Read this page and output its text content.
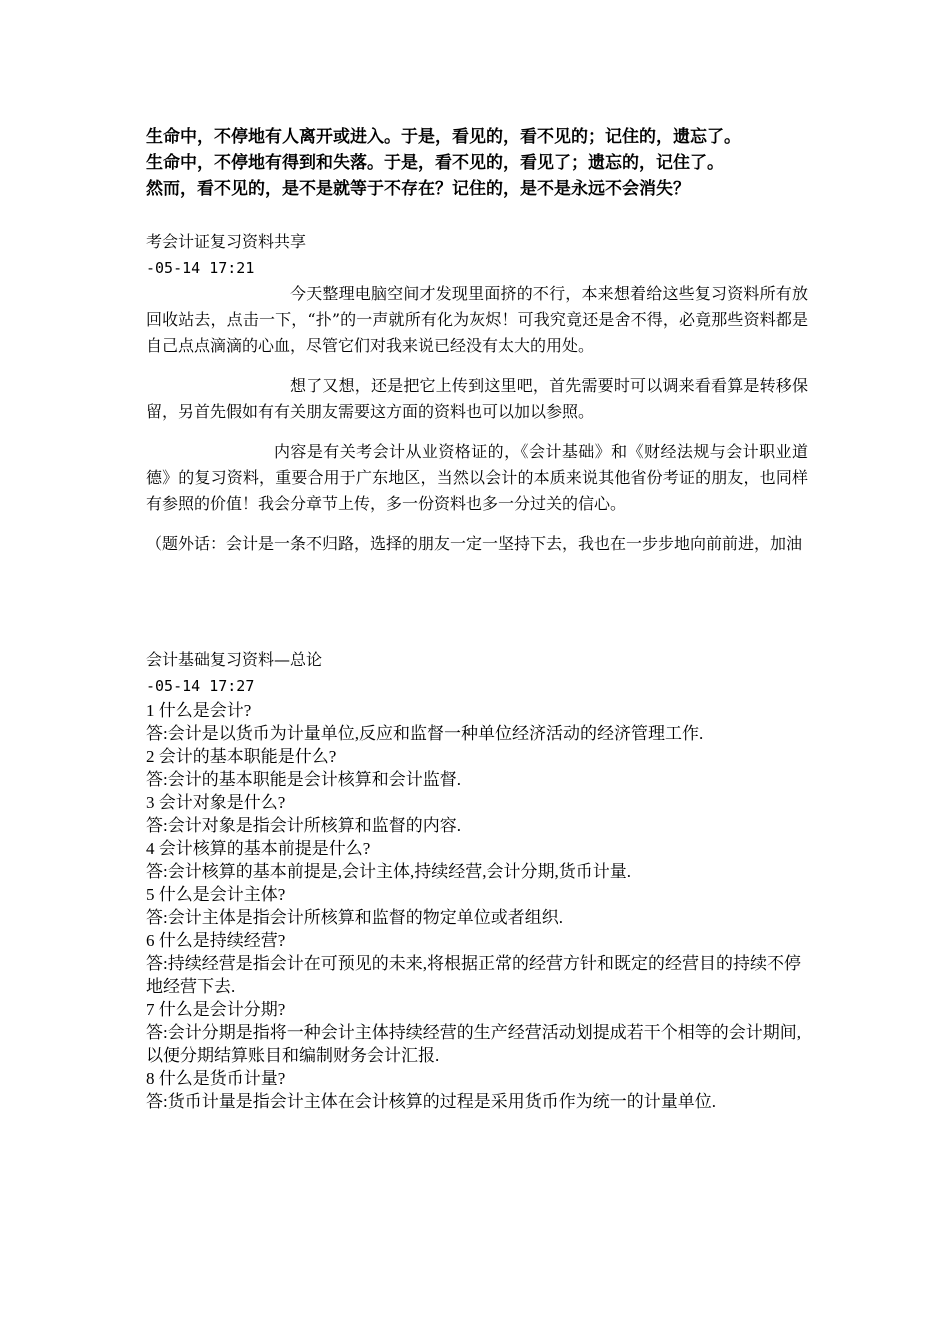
生命中，不停地有人离开或进入。于是，看见的，看不见的；记住的，遗忘了。

生命中，不停地有得到和失落。于是，看不见的，看见了；遗忘的，记住了。

然而，看不见的，是不是就等于不存在？记住的，是不是永远不会消失？

考会计证复习资料共享

-05-14 17:21

今天整理电脑空间才发现里面挤的不行，本来想着给这些复习资料所有放回收站去，点击一下，“扑”的一声就所有化为灰烬！可我究竟还是舍不得，必竟那些资料都是自己点点滴滴的心血，尽管它们对我来说已经没有太大的用处。

想了又想，还是把它上传到这里吧，首先需要时可以调来看看算是转移保留，另首先假如有有关朋友需要这方面的资料也可以加以参照。

内容是有关考会计从业资格证的，《会计基础》和《财经法规与会计职业道德》的复习资料，重要合用于广东地区，当然以会计的本质来说其他省份考证的朋友，也同样有参照的价值！我会分章节上传，多一份资料也多一分过关的信心。

（题外话：会计是一条不归路，选择的朋友一定一坚持下去，我也在一步步地向前前进，加油

会计基础复习资料—总论

-05-14 17:27

1 什么是会计?

答:会计是以货币为计量单位,反应和监督一种单位经济活动的经济管理工作.

2 会计的基本职能是什么?

答:会计的基本职能是会计核算和会计监督.

3 会计对象是什么?

答:会计对象是指会计所核算和监督的内容.

4 会计核算的基本前提是什么?

答:会计核算的基本前提是,会计主体,持续经营,会计分期,货币计量.

5 什么是会计主体?

答:会计主体是指会计所核算和监督的物定单位或者组织.

6 什么是持续经营?

答:持续经营是指会计在可预见的未来,将根据正常的经营方针和既定的经营目的持续不停地经营下去.

7 什么是会计分期?

答:会计分期是指将一种会计主体持续经营的生产经营活动划提成若干个相等的会计期间,以便分期结算账目和编制财务会计汇报.

8 什么是货币计量?

答:货币计量是指会计主体在会计核算的过程是采用货币作为统一的计量单位.
